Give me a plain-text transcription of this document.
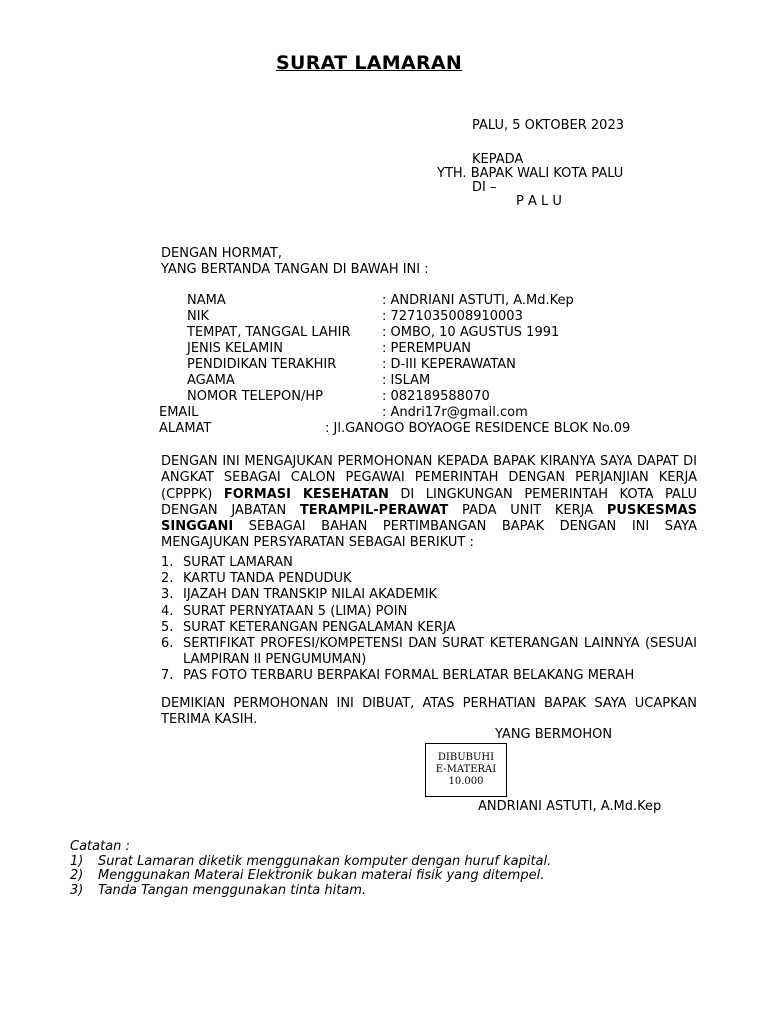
SURAT LAMARAN
PALU, 5 OKTOBER 2023
KEPADA
YTH. BAPAK WALI KOTA PALU
DI –
P A L U
DENGAN HORMAT,
YANG BERTANDA TANGAN DI BAWAH INI :
NAMA	: ANDRIANI ASTUTI, A.Md.Kep
NIK	: 7271035008910003
TEMPAT, TANGGAL LAHIR : OMBO, 10 AGUSTUS 1991
JENIS KELAMIN	: PEREMPUAN
PENDIDIKAN TERAKHIR	: D-III KEPERAWATAN
AGAMA	: ISLAM
NOMOR TELEPON/HP	: 082189588070
EMAIL	: Andri17r@gmail.com
ALAMAT	: Jl.GANOGO BOYAOGE RESIDENCE BLOK No.09

DENGAN INI MENGAJUKAN PERMOHONAN KEPADA BAPAK KIRANYA SAYA DAPAT DI ANGKAT SEBAGAI CALON PEGAWAI PEMERINTAH DENGAN PERJANJIAN KERJA (CPPPK) FORMASI KESEHATAN DI LINGKUNGAN PEMERINTAH KOTA PALU DENGAN JABATAN TERAMPIL-PERAWAT PADA UNIT KERJA PUSKESMAS SINGGANI SEBAGAI BAHAN PERTIMBANGAN BAPAK DENGAN INI SAYA MENGAJUKAN PERSYARATAN SEBAGAI BERIKUT :

1. SURAT LAMARAN
2. KARTU TANDA PENDUDUK
3. IJAZAH DAN TRANSKIP NILAI AKADEMIK
4. SURAT PERNYATAAN 5 (LIMA) POIN
5. SURAT KETERANGAN PENGALAMAN KERJA
6. SERTIFIKAT PROFESI/KOMPETENSI DAN SURAT KETERANGAN LAINNYA (SESUAI LAMPIRAN II PENGUMUMAN)
7. PAS FOTO TERBARU BERPAKAI FORMAL BERLATAR BELAKANG MERAH

DEMIKIAN PERMOHONAN INI DIBUAT, ATAS PERHATIAN BAPAK SAYA UCAPKAN TERIMA KASIH.

YANG BERMOHON
DIBUBUHI
E-MATERAI
10.000
ANDRIANI ASTUTI, A.Md.Kep
Catatan :
1) Surat Lamaran diketik menggunakan komputer dengan huruf kapital.
2) Menggunakan Materai Elektronik bukan materai fisik yang ditempel.
3) Tanda Tangan menggunakan tinta hitam.
